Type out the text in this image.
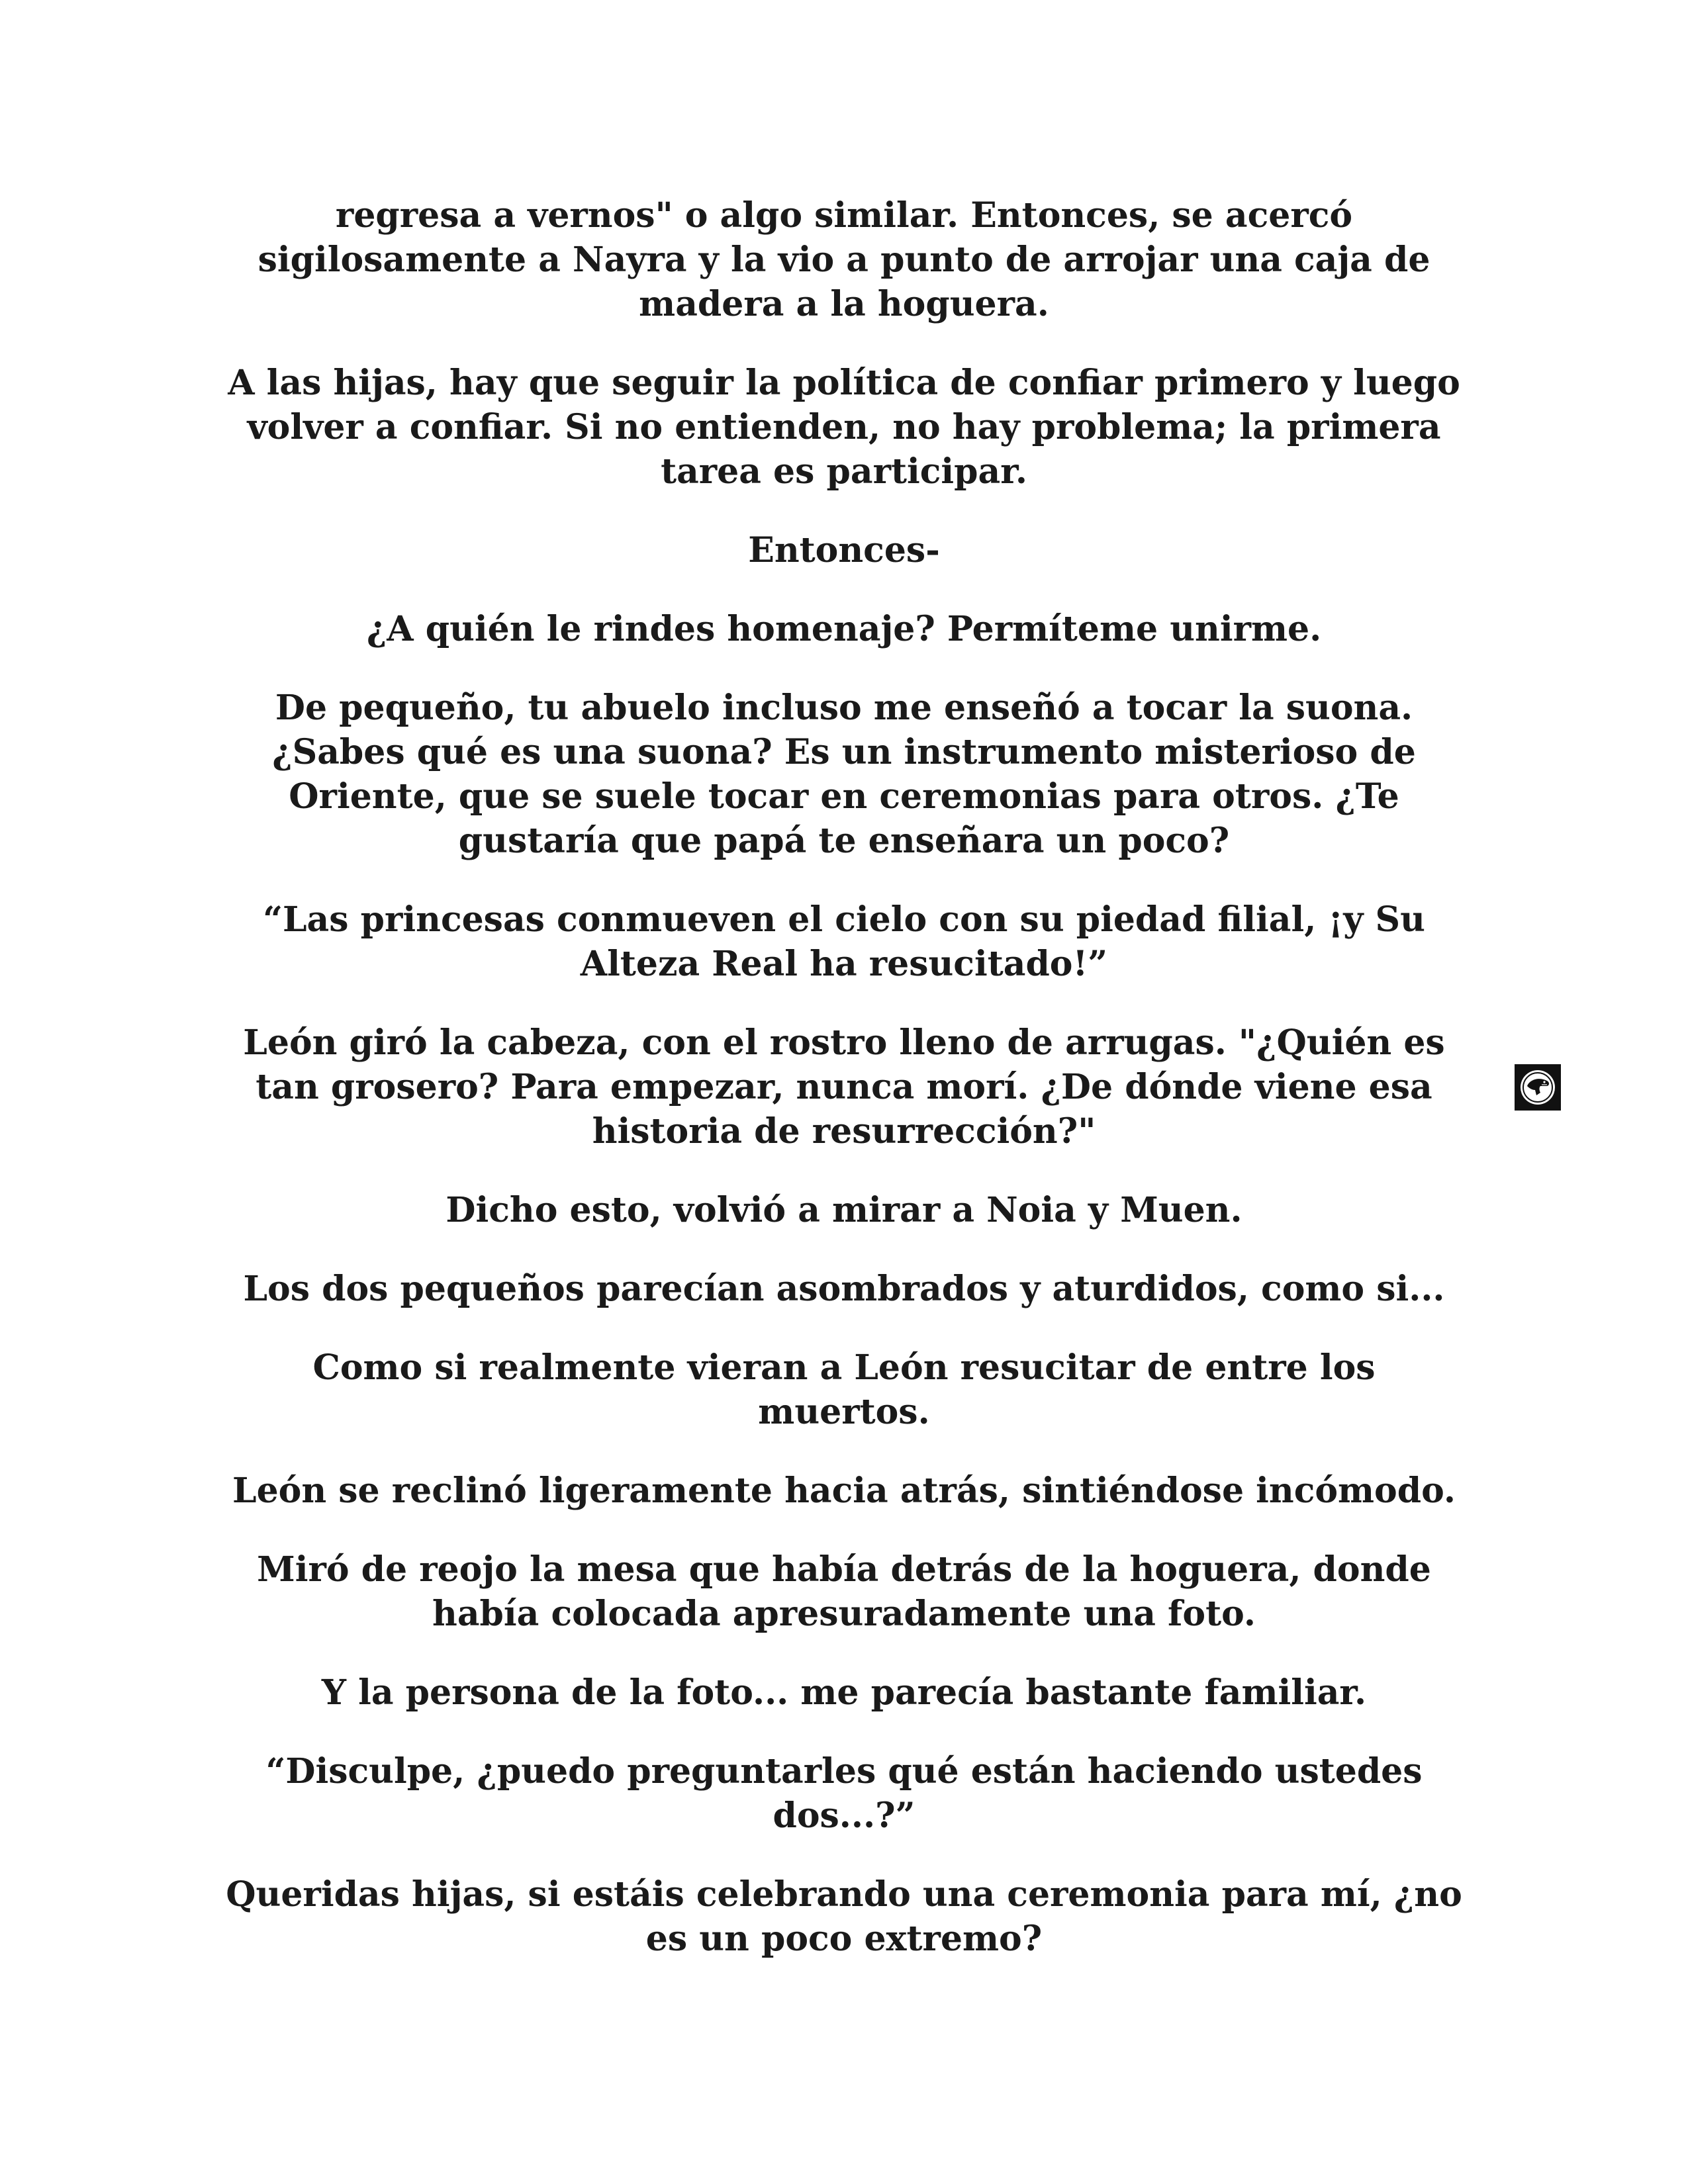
regresa a vernos" o algo similar. Entonces, se acercó sigilosamente a Nayra y la vio a punto de arrojar una caja de madera a la hoguera.

A las hijas, hay que seguir la política de confiar primero y luego volver a confiar. Si no entienden, no hay problema; la primera tarea es participar.

Entonces-

¿A quién le rindes homenaje? Permíteme unirme.

De pequeño, tu abuelo incluso me enseñó a tocar la suona. ¿Sabes qué es una suona? Es un instrumento misterioso de Oriente, que se suele tocar en ceremonias para otros. ¿Te gustaría que papá te enseñara un poco?

“Las princesas conmueven el cielo con su piedad filial, ¡y Su Alteza Real ha resucitado!”

León giró la cabeza, con el rostro lleno de arrugas. "¿Quién es tan grosero? Para empezar, nunca morí. ¿De dónde viene esa historia de resurrección?"

Dicho esto, volvió a mirar a Noia y Muen.

Los dos pequeños parecían asombrados y aturdidos, como si...

Como si realmente vieran a León resucitar de entre los muertos.

León se reclinó ligeramente hacia atrás, sintiéndose incómodo.

Miró de reojo la mesa que había detrás de la hoguera, donde había colocada apresuradamente una foto.

Y la persona de la foto... me parecía bastante familiar.

“Disculpe, ¿puedo preguntarles qué están haciendo ustedes dos...?”

Queridas hijas, si estáis celebrando una ceremonia para mí, ¿no es un poco extremo?
